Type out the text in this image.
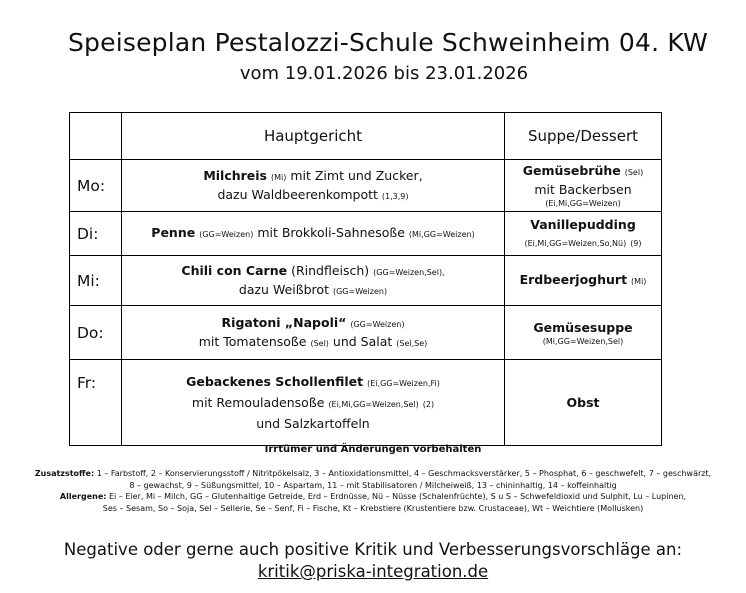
Speiseplan Pestalozzi-Schule Schweinheim 04. KW
vom 19.01.2026 bis 23.01.2026
	Hauptgericht	Suppe/Dessert
Mo:	Milchreis (Mi) mit Zimt und Zucker,
dazu Waldbeerenkompott (1,3,9)	Gemüsebrühe (Sel)
mit Backerbsen
(Ei,Mi,GG=Weizen)

Di:	Penne (GG=Weizen) mit Brokkoli-Sahnesoße (Mi,GG=Weizen)	Vanillepudding
(Ei,Mi,GG=Weizen,So,Nü) (9)
Mi:	Chili con Carne (Rindfleisch) (GG=Weizen,Sel),
dazu Weißbrot (GG=Weizen)	Erdbeerjoghurt (Mi)
Do:	Rigatoni „Napoli“ (GG=Weizen)
mit Tomatensoße (Sel) und Salat (Sel,Se)	Gemüsesuppe
(Mi,GG=Weizen,Sel)

Fr:	Gebackenes Schollenfilet (Ei,GG=Weizen,Fi)
mit Remouladensoße (Ei,Mi,GG=Weizen,Sel) (2)
und Salzkartoffeln	Obst
Irrtümer und Änderungen vorbehalten
Zusatzstoffe: 1 – Farbstoff, 2 – Konservierungsstoff / Nitritpökelsalz, 3 – Antioxidationsmittel, 4 – Geschmacksverstärker, 5 – Phosphat, 6 – geschwefelt, 7 – geschwärzt,
8 – gewachst, 9 – Süßungsmittel, 10 – Aspartam, 11 – mit Stabilisatoren / Milcheiweiß, 13 – chininhaltig, 14 – koffeinhaltig
Allergene: Ei – Eier, Mi – Milch, GG – Glutenhaltige Getreide, Erd – Erdnüsse, Nü – Nüsse (Schalenfrüchte), S u S – Schwefeldioxid und Sulphit, Lu – Lupinen,
Ses – Sesam, So – Soja, Sel – Sellerie, Se – Senf, Fi – Fische, Kt – Krebstiere (Krustentiere bzw. Crustaceae), Wt – Weichtiere (Mollusken)
Negative oder gerne auch positive Kritik und Verbesserungsvorschläge an:
kritik@priska-integration.de
